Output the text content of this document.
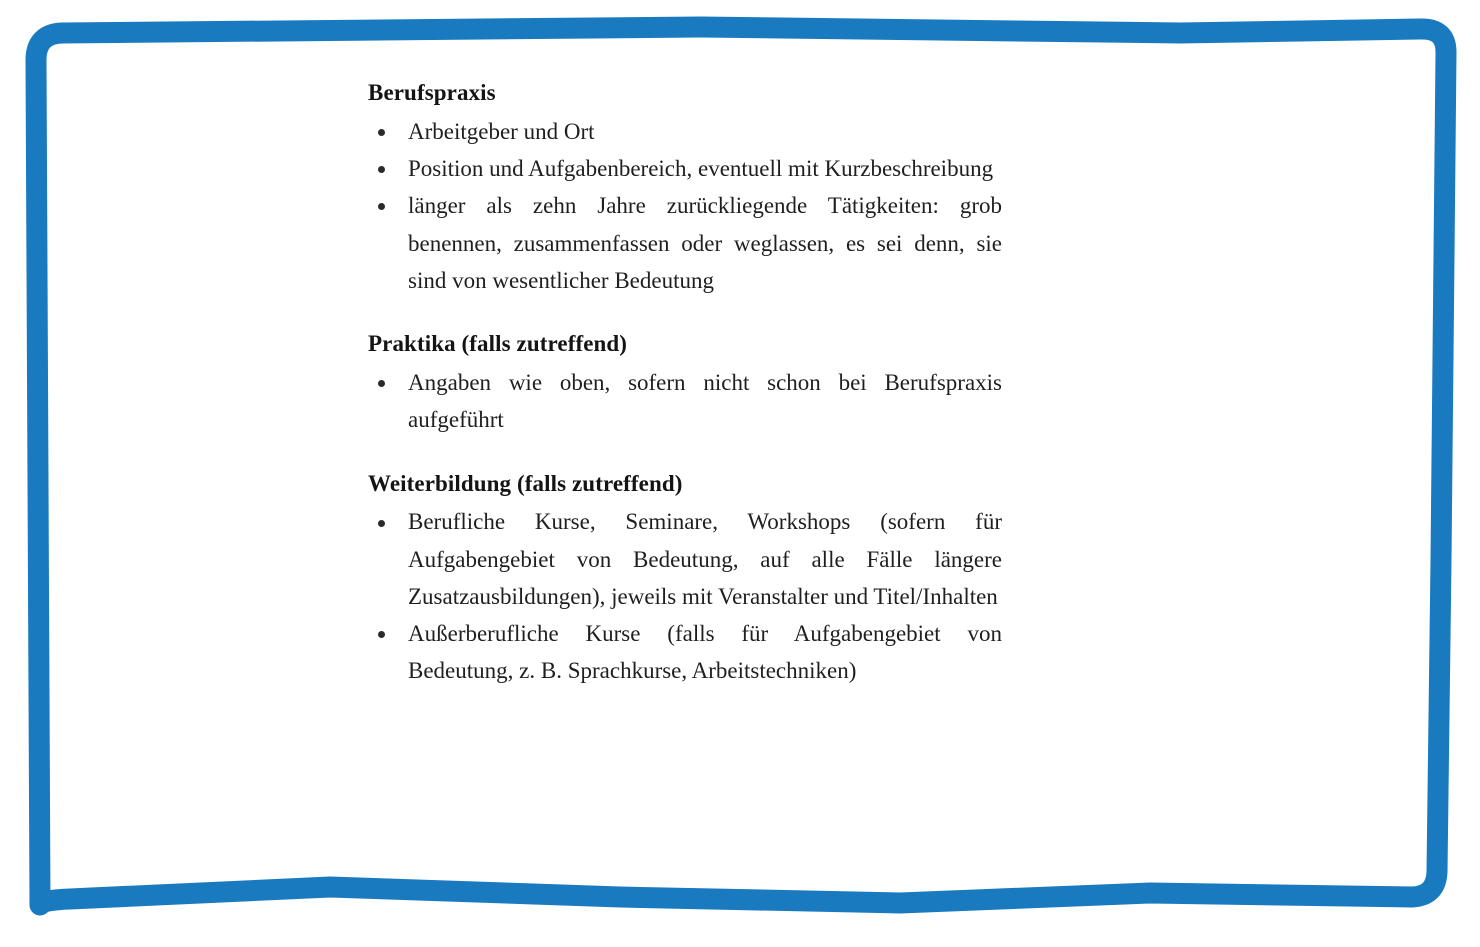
Berufspraxis
Arbeitgeber und Ort
Position und Aufgabenbereich, eventuell mit Kurzbeschreibung
länger als zehn Jahre zurückliegende Tätigkeiten: grob benennen, zusammenfassen oder weglassen, es sei denn, sie sind von wesentlicher Bedeutung
Praktika (falls zutreffend)
Angaben wie oben, sofern nicht schon bei Berufspraxis aufgeführt
Weiterbildung (falls zutreffend)
Berufliche Kurse, Seminare, Workshops (sofern für Aufgabengebiet von Bedeutung, auf alle Fälle längere Zusatzausbildungen), jeweils mit Veranstalter und Titel/Inhalten
Außerberufliche Kurse (falls für Aufgabengebiet von Bedeutung, z. B. Sprachkurse, Arbeitstechniken)
